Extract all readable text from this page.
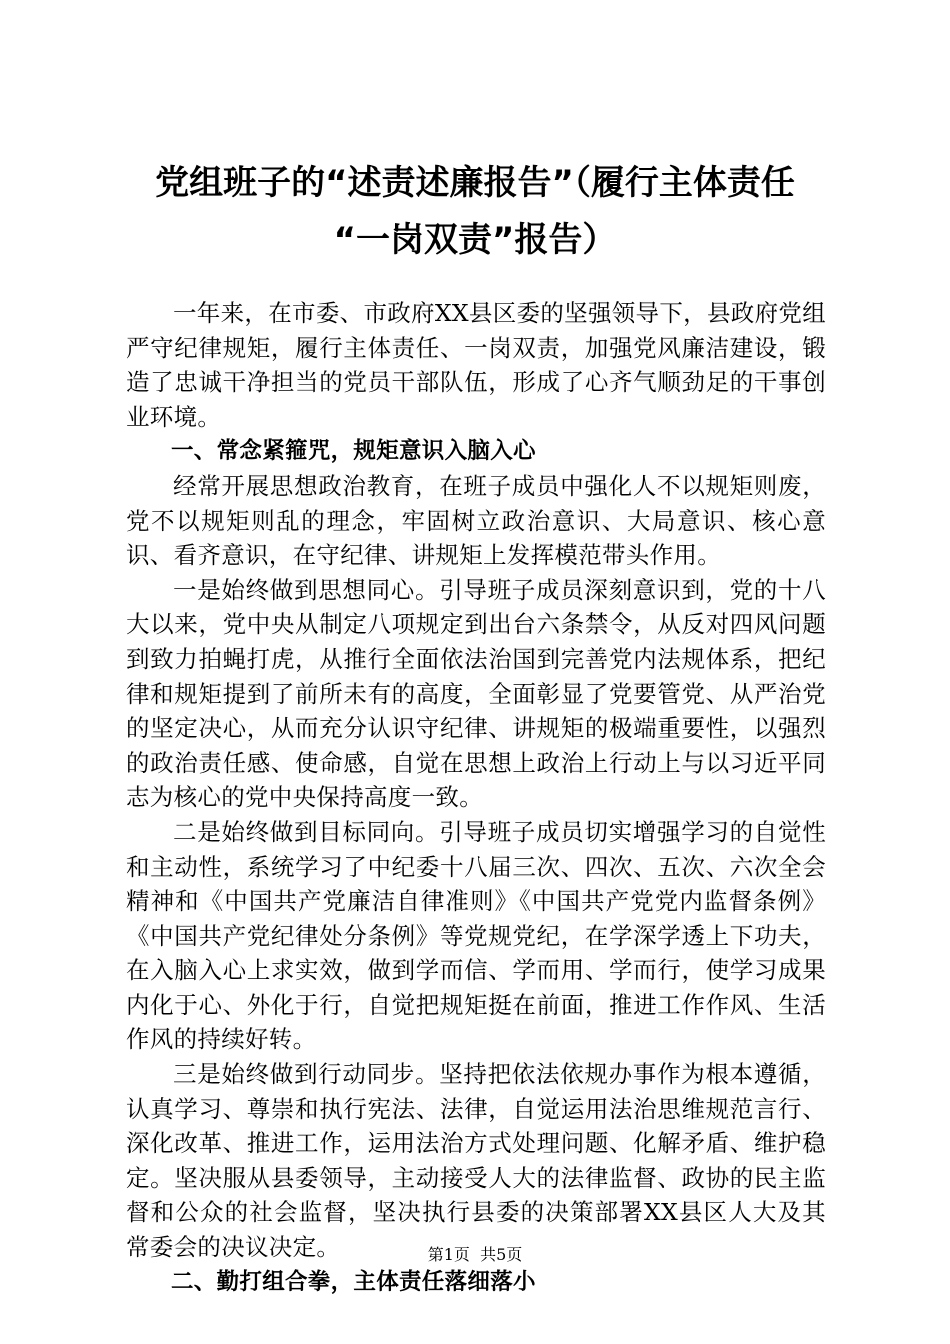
党组班子的“述责述廉报告”（履行主体责任
“一岗双责”报告）

一年来，在市委、市政府XX县区委的坚强领导下，县政府党组严守纪律规矩，履行主体责任、一岗双责，加强党风廉洁建设，锻造了忠诚干净担当的党员干部队伍，形成了心齐气顺劲足的干事创业环境。

一、常念紧箍咒，规矩意识入脑入心

经常开展思想政治教育，在班子成员中强化人不以规矩则废，党不以规矩则乱的理念，牢固树立政治意识、大局意识、核心意识、看齐意识，在守纪律、讲规矩上发挥模范带头作用。

一是始终做到思想同心。引导班子成员深刻意识到，党的十八大以来，党中央从制定八项规定到出台六条禁令，从反对四风问题到致力拍蝇打虎，从推行全面依法治国到完善党内法规体系，把纪律和规矩提到了前所未有的高度，全面彰显了党要管党、从严治党的坚定决心，从而充分认识守纪律、讲规矩的极端重要性，以强烈的政治责任感、使命感，自觉在思想上政治上行动上与以习近平同志为核心的党中央保持高度一致。

二是始终做到目标同向。引导班子成员切实增强学习的自觉性和主动性，系统学习了中纪委十八届三次、四次、五次、六次全会精神和《中国共产党廉洁自律准则》《中国共产党党内监督条例》《中国共产党纪律处分条例》等党规党纪，在学深学透上下功夫，在入脑入心上求实效，做到学而信、学而用、学而行，使学习成果内化于心、外化于行，自觉把规矩挺在前面，推进工作作风、生活作风的持续好转。

三是始终做到行动同步。坚持把依法依规办事作为根本遵循，认真学习、尊崇和执行宪法、法律，自觉运用法治思维规范言行、深化改革、推进工作，运用法治方式处理问题、化解矛盾、维护稳定。坚决服从县委领导，主动接受人大的法律监督、政协的民主监督和公众的社会监督，坚决执行县委的决策部署XX县区人大及其常委会的决议决定。

二、勤打组合拳，主体责任落细落小

第1页  共5页
